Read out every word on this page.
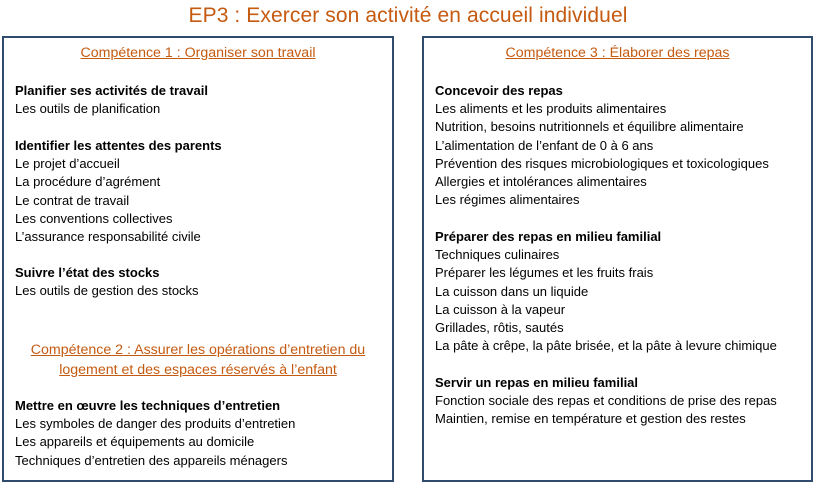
EP3 : Exercer son activité en accueil individuel
Compétence 1 : Organiser son travail
Planifier ses activités de travail
Les outils de planification
Identifier les attentes des parents
Le projet d’accueil
La procédure d’agrément
Le contrat de travail
Les conventions collectives
L’assurance responsabilité civile
Suivre l’état des stocks
Les outils de gestion des stocks
Compétence 2 : Assurer les opérations d’entretien du
logement et des espaces réservés à l’enfant
Mettre en œuvre les techniques d’entretien
Les symboles de danger des produits d’entretien
Les appareils et équipements au domicile
Techniques d’entretien des appareils ménagers
Compétence 3 : Élaborer des repas
Concevoir des repas
Les aliments et les produits alimentaires
Nutrition, besoins nutritionnels et équilibre alimentaire
L’alimentation de l’enfant de 0 à 6 ans
Prévention des risques microbiologiques et toxicologiques
Allergies et intolérances alimentaires
Les régimes alimentaires
Préparer des repas en milieu familial
Techniques culinaires
Préparer les légumes et les fruits frais
La cuisson dans un liquide
La cuisson à la vapeur
Grillades, rôtis, sautés
La pâte à crêpe, la pâte brisée, et la pâte à levure chimique
Servir un repas en milieu familial
Fonction sociale des repas et conditions de prise des repas
Maintien, remise en température et gestion des restes
